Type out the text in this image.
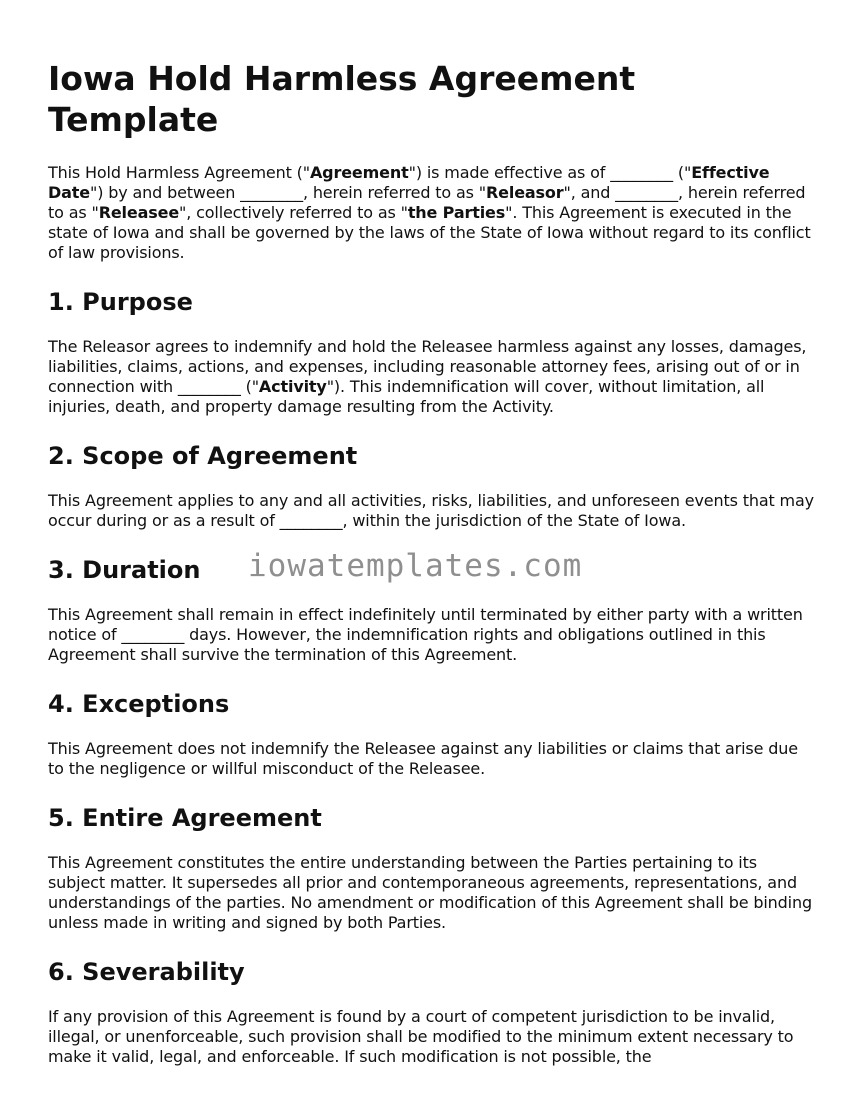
Iowa Hold Harmless Agreement Template

This Hold Harmless Agreement ("Agreement") is made effective as of ________ ("Effective Date") by and between ________, herein referred to as "Releasor", and ________, herein referred to as "Releasee", collectively referred to as "the Parties". This Agreement is executed in the state of Iowa and shall be governed by the laws of the State of Iowa without regard to its conflict of law provisions.

1. Purpose

The Releasor agrees to indemnify and hold the Releasee harmless against any losses, damages, liabilities, claims, actions, and expenses, including reasonable attorney fees, arising out of or in connection with ________ ("Activity"). This indemnification will cover, without limitation, all injuries, death, and property damage resulting from the Activity.

2. Scope of Agreement

This Agreement applies to any and all activities, risks, liabilities, and unforeseen events that may occur during or as a result of ________, within the jurisdiction of the State of Iowa.

3. Duration	iowatemplates.com

This Agreement shall remain in effect indefinitely until terminated by either party with a written notice of ________ days. However, the indemnification rights and obligations outlined in this Agreement shall survive the termination of this Agreement.

4. Exceptions

This Agreement does not indemnify the Releasee against any liabilities or claims that arise due to the negligence or willful misconduct of the Releasee.

5. Entire Agreement

This Agreement constitutes the entire understanding between the Parties pertaining to its subject matter. It supersedes all prior and contemporaneous agreements, representations, and understandings of the parties. No amendment or modification of this Agreement shall be binding unless made in writing and signed by both Parties.

6. Severability

If any provision of this Agreement is found by a court of competent jurisdiction to be invalid, illegal, or unenforceable, such provision shall be modified to the minimum extent necessary to make it valid, legal, and enforceable. If such modification is not possible, the
